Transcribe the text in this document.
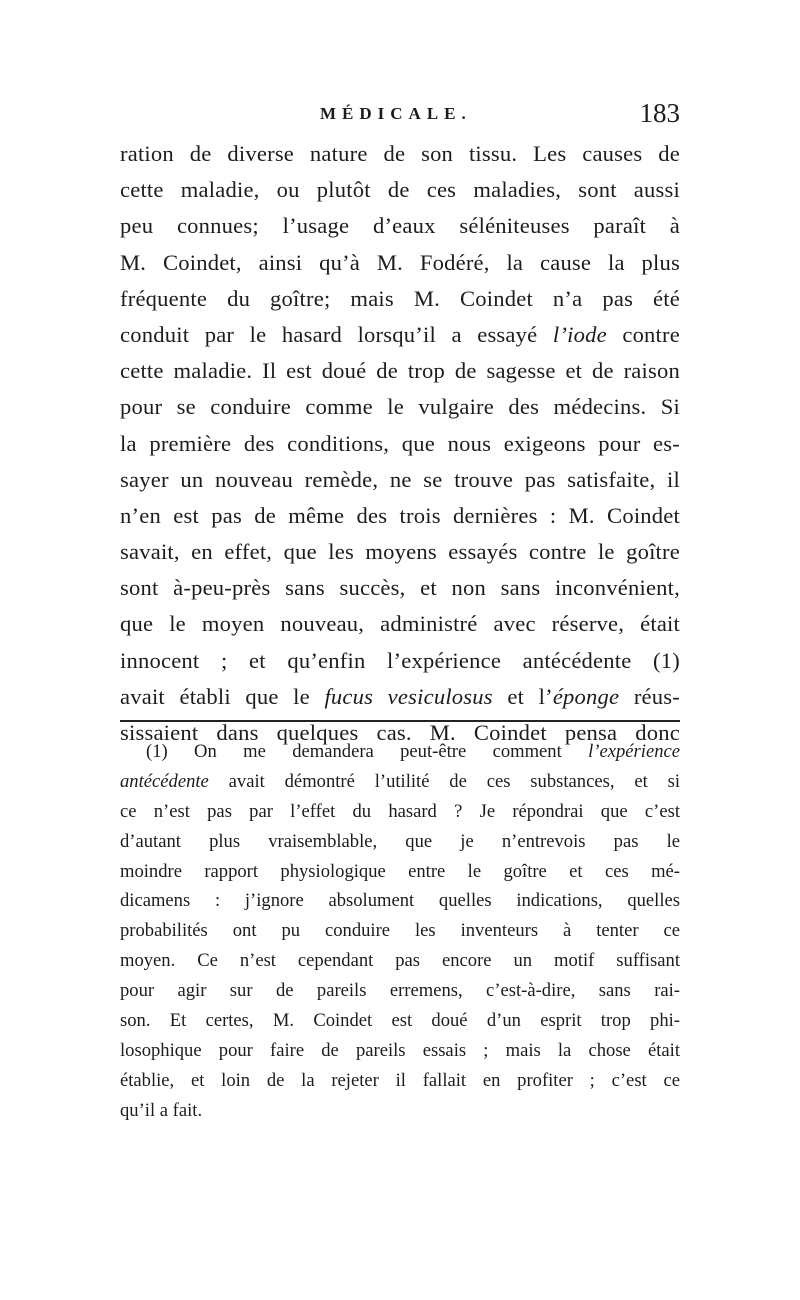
MÉDICALE.	183
ration de diverse nature de son tissu. Les causes de
cette maladie, ou plutôt de ces maladies, sont aussi
peu connues; l’usage d’eaux séléniteuses paraît à
M. Coindet, ainsi qu’à M. Fodéré, la cause la plus
fréquente du goître; mais M. Coindet n’a pas été
conduit par le hasard lorsqu’il a essayé l’iode contre
cette maladie. Il est doué de trop de sagesse et de raison
pour se conduire comme le vulgaire des médecins. Si
la première des conditions, que nous exigeons pour es-
sayer un nouveau remède, ne se trouve pas satisfaite, il
n’en est pas de même des trois dernières : M. Coindet
savait, en effet, que les moyens essayés contre le goître
sont à-peu-près sans succès, et non sans inconvénient,
que le moyen nouveau, administré avec réserve, était
innocent ; et qu’enfin l’expérience antécédente (1)
avait établi que le fucus vesiculosus et l’éponge réus-
sissaient dans quelques cas. M. Coindet pensa donc
(1) On me demandera peut-être comment l’expérience
antécédente avait démontré l’utilité de ces substances, et si
ce n’est pas par l’effet du hasard ? Je répondrai que c’est
d’autant plus vraisemblable, que je n’entrevois pas le
moindre rapport physiologique entre le goître et ces mé-
dicamens : j’ignore absolument quelles indications, quelles
probabilités ont pu conduire les inventeurs à tenter ce
moyen. Ce n’est cependant pas encore un motif suffisant
pour agir sur de pareils erremens, c’est-à-dire, sans rai-
son. Et certes, M. Coindet est doué d’un esprit trop phi-
losophique pour faire de pareils essais ; mais la chose était
établie, et loin de la rejeter il fallait en profiter ; c’est ce
qu’il a fait.
